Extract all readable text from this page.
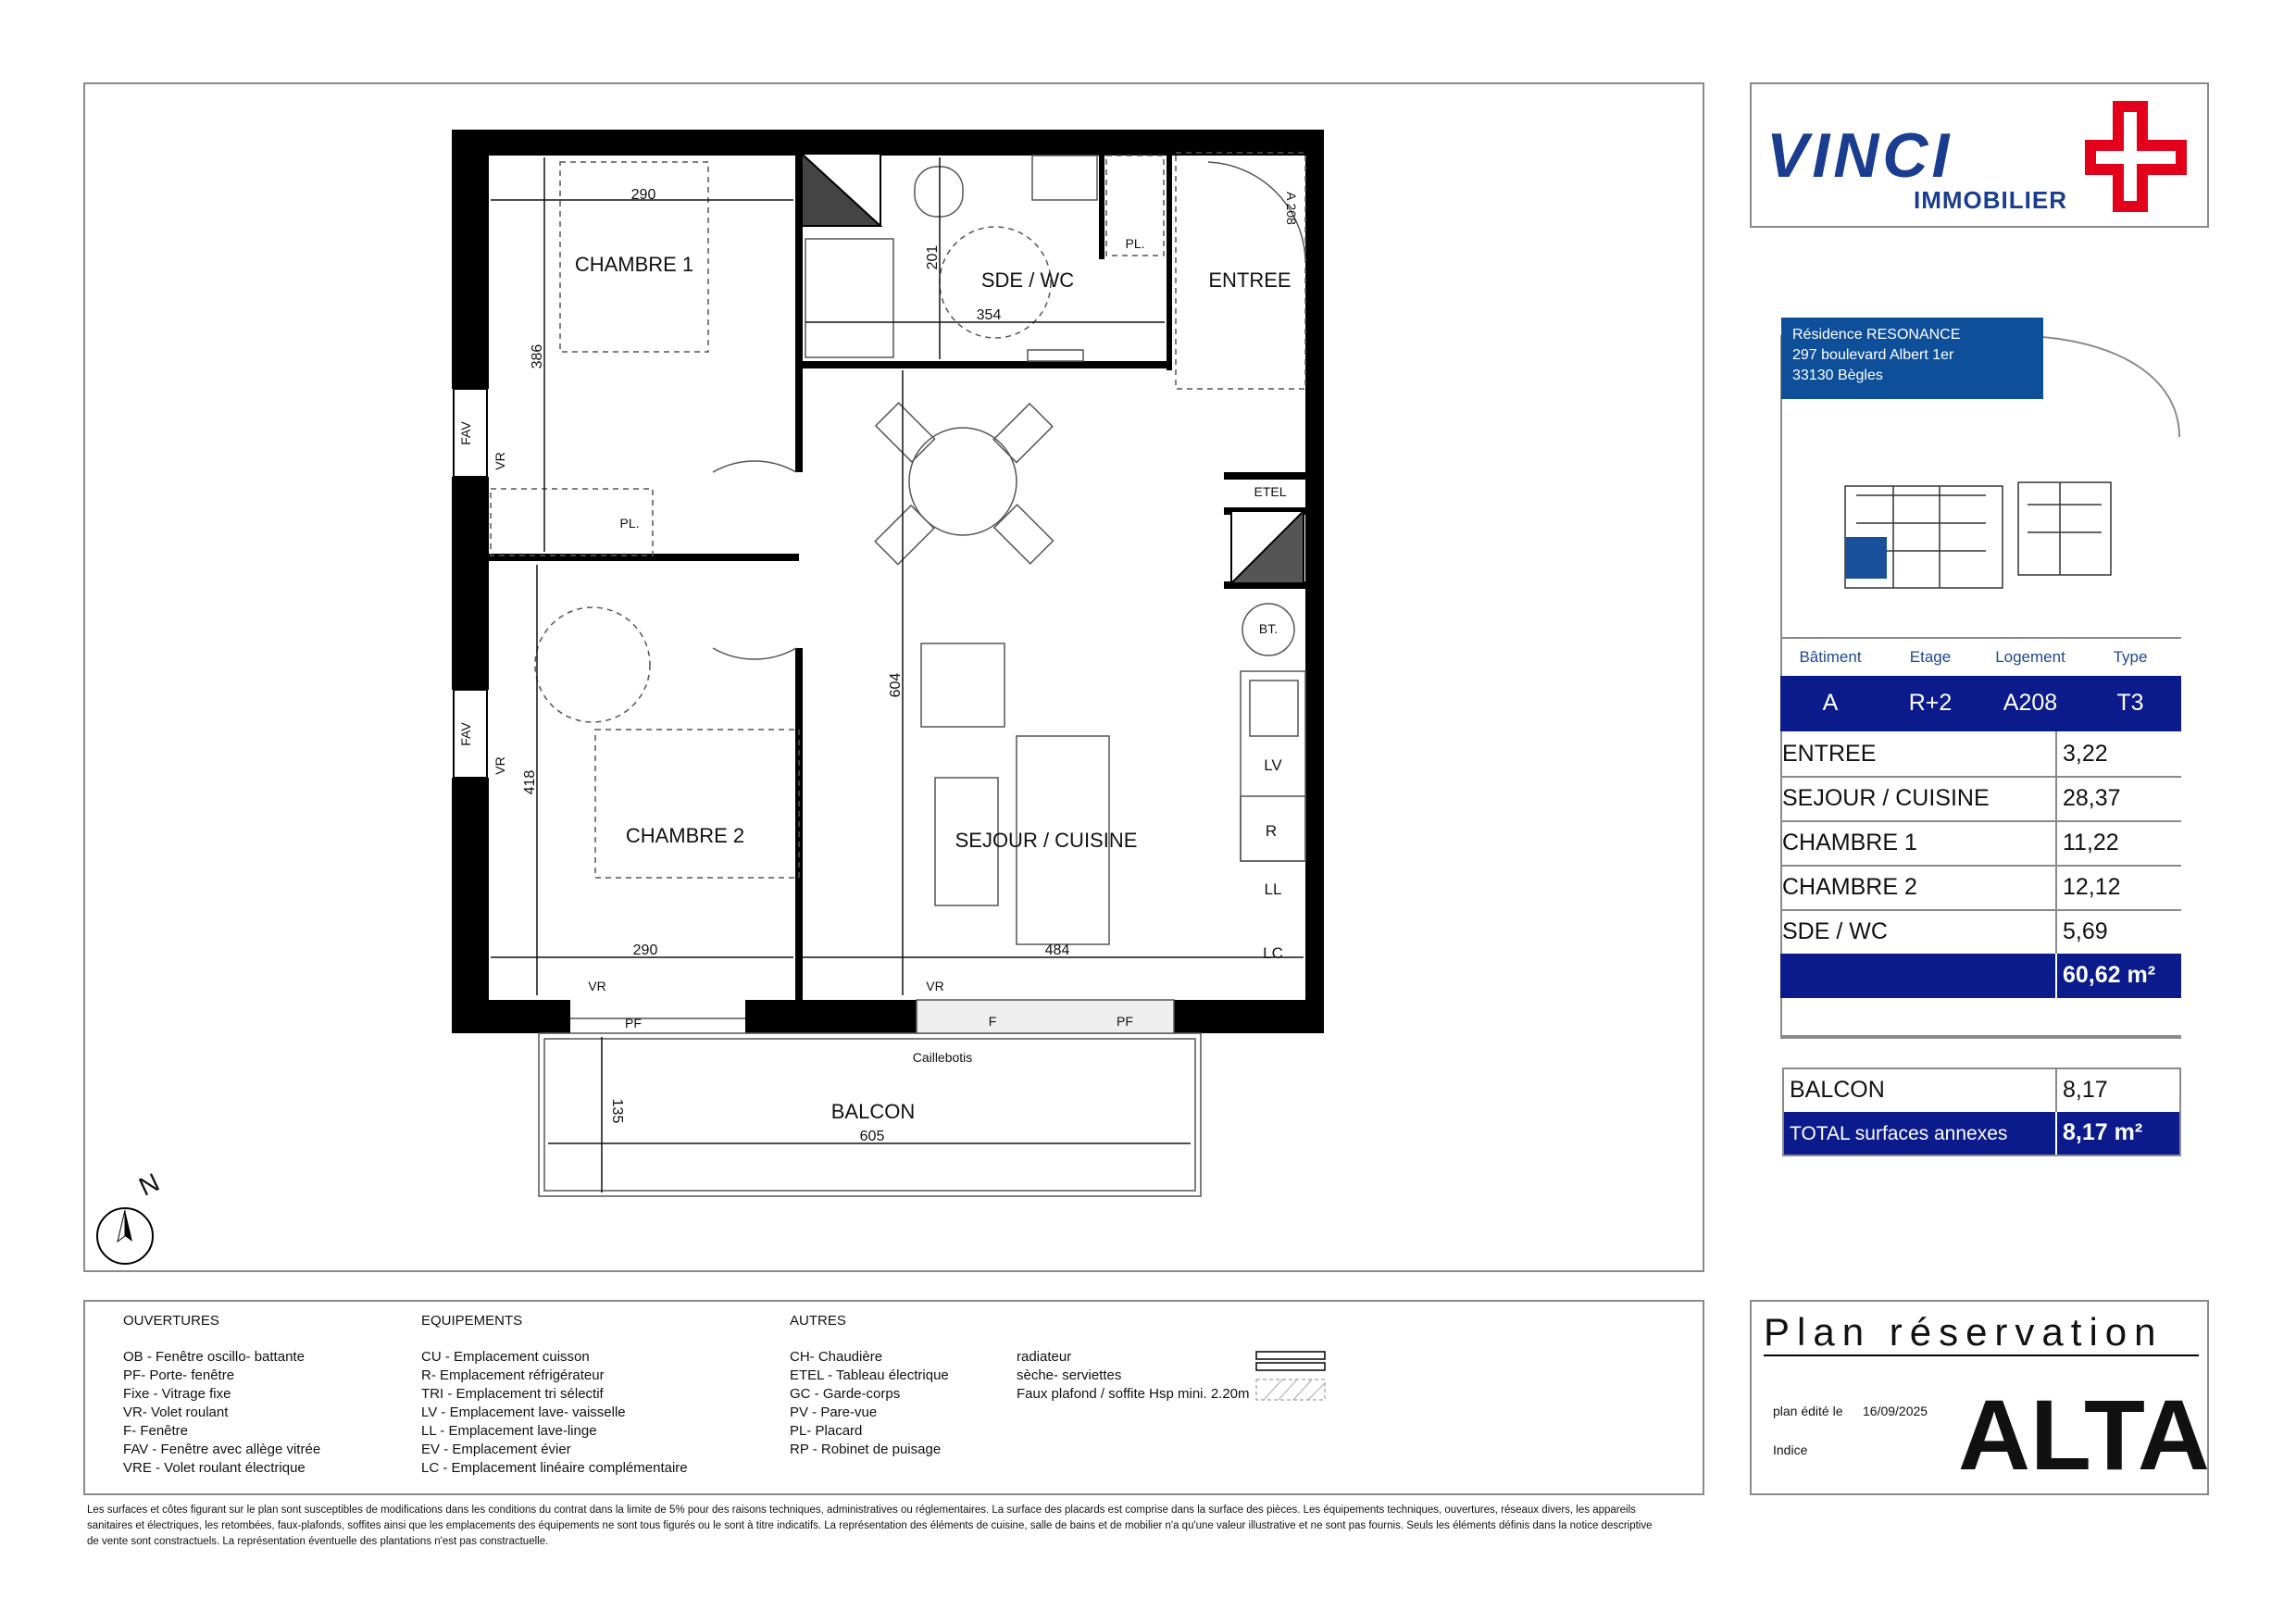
CHAMBRE 1
CHAMBRE 2
SDE / WC	ENTREE
SEJOUR / CUISINE
BALCON
290
386
201
354
604
418
290	484
135
605
A 208
PL.
PL.
ETEL
BT.
LV
R
LL
LC
FAV
VR
FAV
VR
VR
PF
VR
F	PF
Caillebotis
N
VINCI
IMMOBILIER
Résidence RESONANCE
297 boulevard Albert 1er
33130 Bègles
Bâtiment	Etage	Logement	Type
A	R+2	A208	T3
ENTREE	3,22
SEJOUR / CUISINE	28,37
CHAMBRE 1	11,22
CHAMBRE 2	12,12
SDE / WC	5,69
60,62 m²
BALCON	8,17
TOTAL surfaces annexes 8,17 m²
OUVERTURES
OB - Fenêtre oscillo- battante
PF- Porte- fenêtre
Fixe - Vitrage fixe
VR- Volet roulant
F- Fenêtre
FAV - Fenêtre avec allège vitrée
VRE - Volet roulant électrique
EQUIPEMENTS
CU - Emplacement cuisson
R- Emplacement réfrigérateur
TRI - Emplacement tri sélectif
LV - Emplacement lave- vaisselle
LL - Emplacement lave-linge
EV - Emplacement évier
LC - Emplacement linéaire complémentaire
AUTRES
CH- Chaudière
ETEL - Tableau électrique
GC - Garde-corps
PV - Pare-vue
PL- Placard
RP - Robinet de puisage
radiateur
sèche- serviettes
Faux plafond / soffite Hsp mini. 2.20m
Plan réservation
plan édité le 16/09/2025
Indice ALTA
Les surfaces et côtes figurant sur le plan sont susceptibles de modifications dans les conditions du contrat dans la limite de 5% pour des raisons techniques, administratives ou réglementaires. La surface des placards est comprise dans la surface des pièces. Les équipements techniques, ouvertures, réseaux divers, les appareils sanitaires et électriques, les retombées, faux-plafonds, soffites ainsi que les emplacements des équipements ne sont tous figurés ou le sont à titre indicatifs. La représentation des éléments de cuisine, salle de bains et de mobilier n'a qu'une valeur illustrative et ne sont pas fournis. Seuls les éléments définis dans la notice descriptive de vente sont constractuels. La représentation éventuelle des plantations n'est pas constractuelle.
